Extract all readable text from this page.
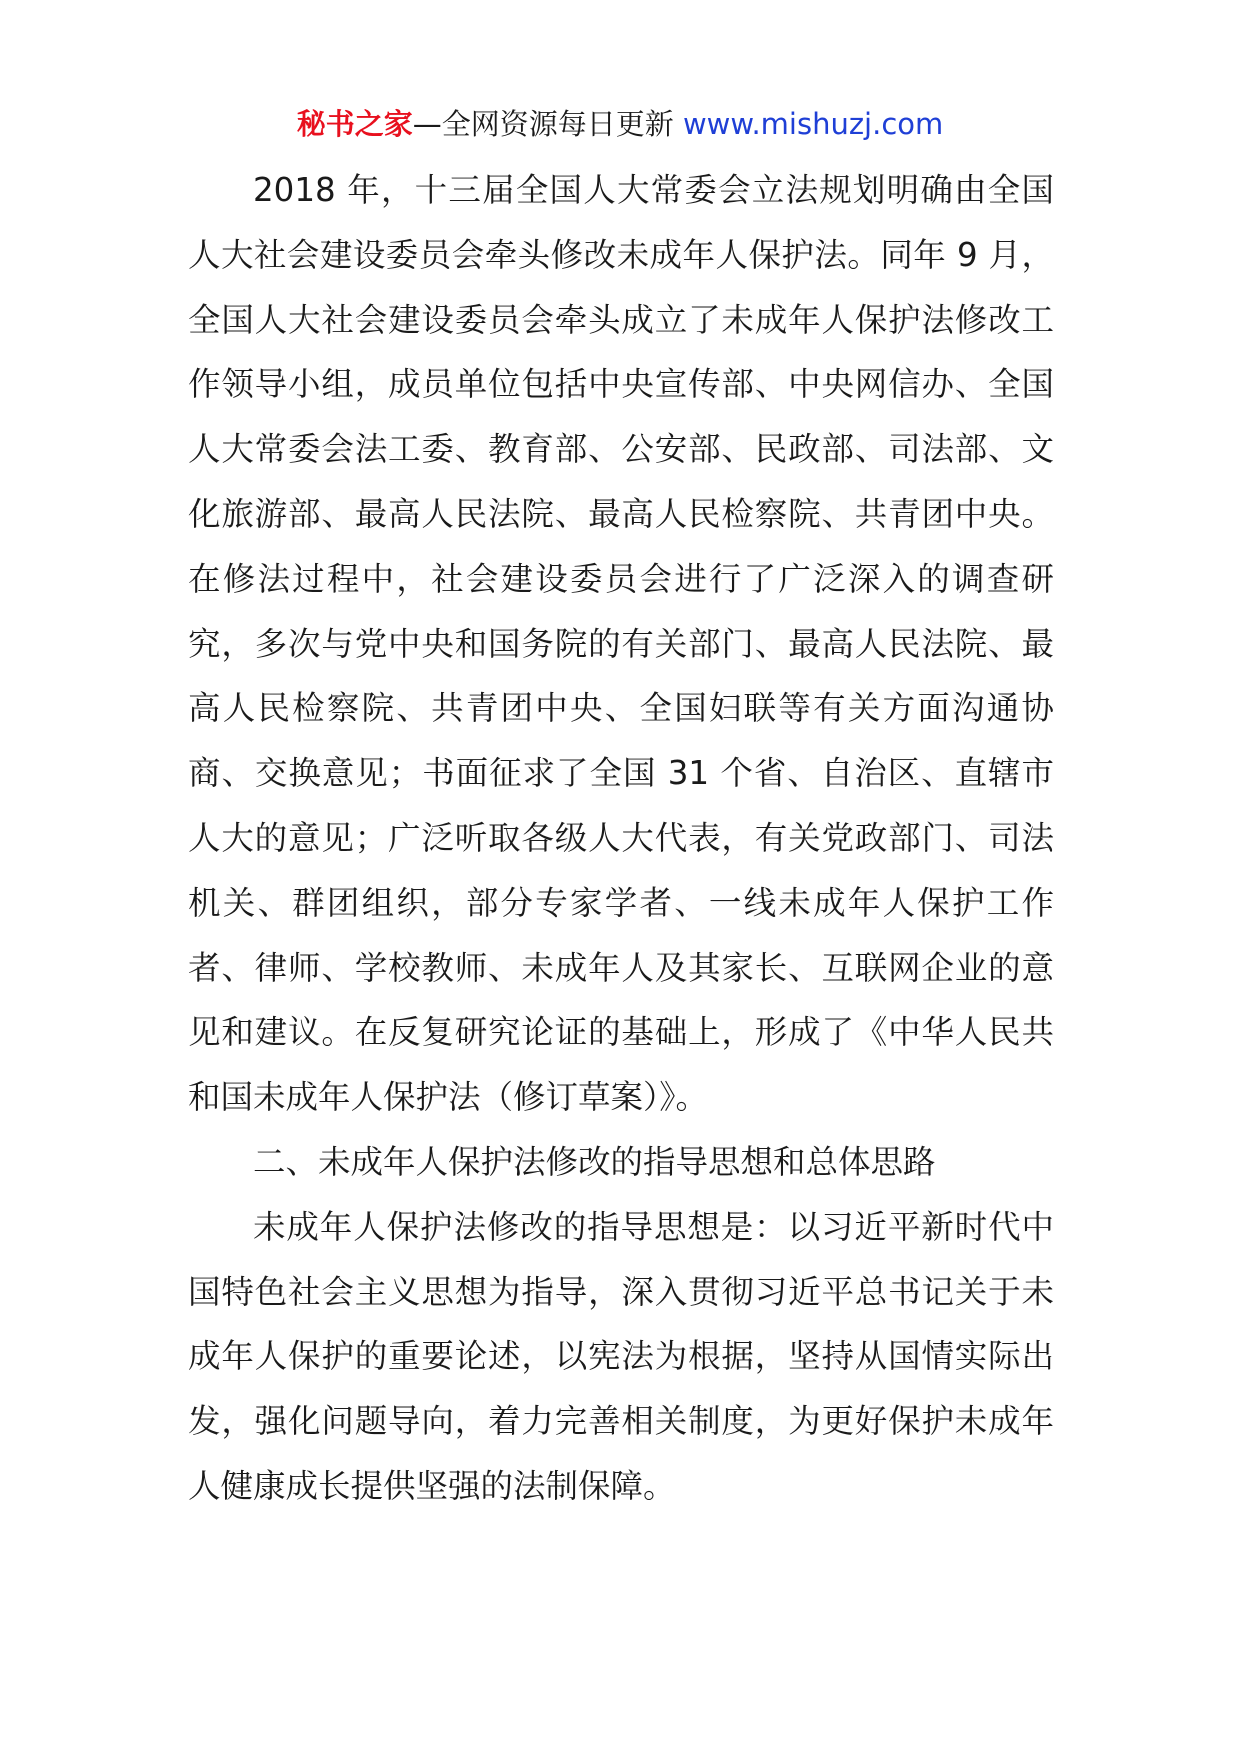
秘书之家—全网资源每日更新 www.mishuzj.com

2018 年，十三届全国人大常委会立法规划明确由全国人大社会建设委员会牵头修改未成年人保护法。同年 9 月，全国人大社会建设委员会牵头成立了未成年人保护法修改工作领导小组，成员单位包括中央宣传部、中央网信办、全国人大常委会法工委、教育部、公安部、民政部、司法部、文化旅游部、最高人民法院、最高人民检察院、共青团中央。在修法过程中，社会建设委员会进行了广泛深入的调查研究，多次与党中央和国务院的有关部门、最高人民法院、最高人民检察院、共青团中央、全国妇联等有关方面沟通协商、交换意见；书面征求了全国 31 个省、自治区、直辖市人大的意见；广泛听取各级人大代表，有关党政部门、司法机关、群团组织，部分专家学者、一线未成年人保护工作者、律师、学校教师、未成年人及其家长、互联网企业的意见和建议。在反复研究论证的基础上，形成了《中华人民共和国未成年人保护法（修订草案）》。

二、未成年人保护法修改的指导思想和总体思路

未成年人保护法修改的指导思想是：以习近平新时代中国特色社会主义思想为指导，深入贯彻习近平总书记关于未成年人保护的重要论述，以宪法为根据，坚持从国情实际出发，强化问题导向，着力完善相关制度，为更好保护未成年人健康成长提供坚强的法制保障。
